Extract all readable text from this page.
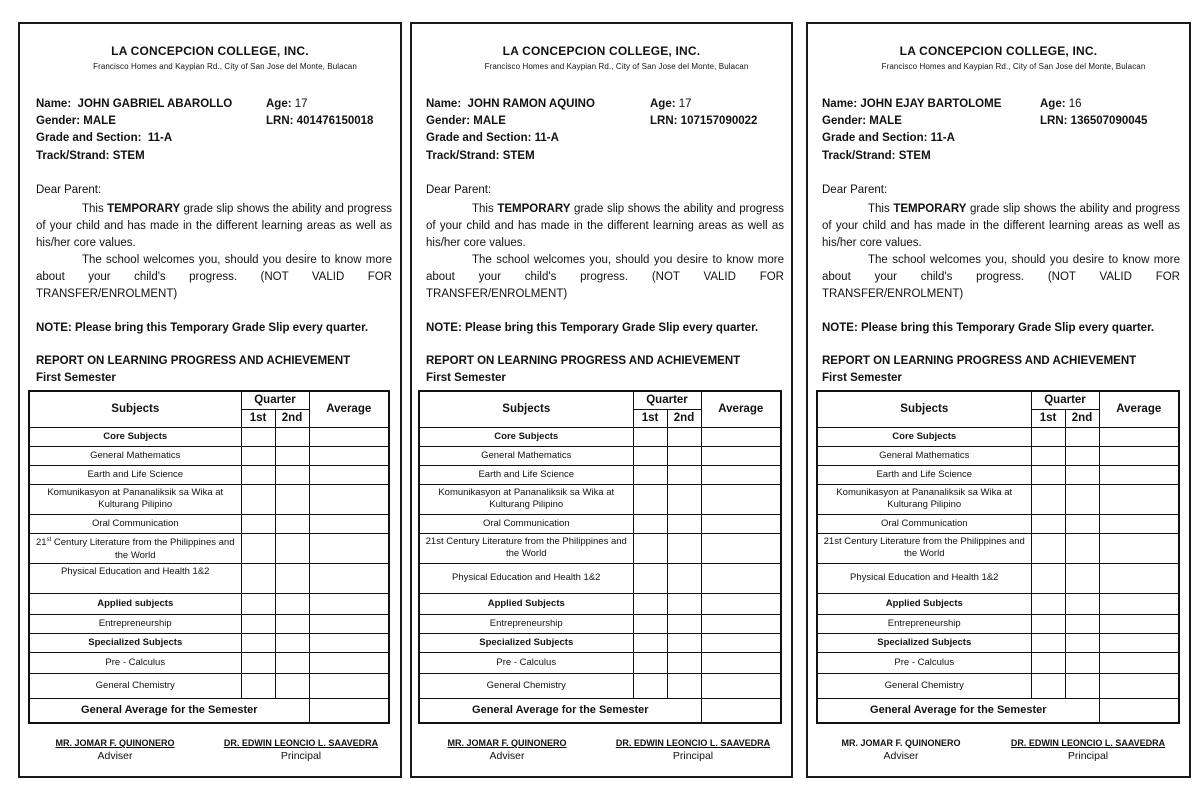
LA CONCEPCION COLLEGE, INC.
Francisco Homes and Kaypian Rd., City of San Jose del Monte, Bulacan
Name: JOHN GABRIEL ABAROLLO	Age: 17
Gender: MALE	LRN: 401476150018
Grade and Section: 11-A
Track/Strand: STEM
Dear Parent:
This TEMPORARY grade slip shows the ability and progress of your child and has made in the different learning areas as well as his/her core values.
The school welcomes you, should you desire to know more about your child's progress. (NOT VALID FOR TRANSFER/ENROLMENT)
NOTE: Please bring this Temporary Grade Slip every quarter.
REPORT ON LEARNING PROGRESS AND ACHIEVEMENT
First Semester
Subjects	Quarter		Average
	1st	2nd	
Core Subjects			
General Mathematics			
Earth and Life Science			
Komunikasyon at Pananaliksik sa Wika at Kulturang Pilipino			
Oral Communication			
21st Century Literature from the Philippines and the World			
Physical Education and Health 1&2			
Applied subjects			
Entrepreneurship			
Specialized Subjects			
Pre - Calculus			
General Chemistry			
General Average for the Semester			
MR. JOMAR F. QUINONERO
Adviser
DR. EDWIN LEONCIO L. SAAVEDRA
Principal
LA CONCEPCION COLLEGE, INC.
Francisco Homes and Kaypian Rd., City of San Jose del Monte, Bulacan
Name: JOHN RAMON AQUINO	Age: 17
Gender: MALE	LRN: 107157090022
Grade and Section: 11-A
Track/Strand: STEM
Dear Parent:
This TEMPORARY grade slip shows the ability and progress of your child and has made in the different learning areas as well as his/her core values.
The school welcomes you, should you desire to know more about your child's progress. (NOT VALID FOR TRANSFER/ENROLMENT)
NOTE: Please bring this Temporary Grade Slip every quarter.
REPORT ON LEARNING PROGRESS AND ACHIEVEMENT
First Semester
Subjects	Quarter		Average
	1st	2nd	
Core Subjects			
General Mathematics			
Earth and Life Science			
Komunikasyon at Pananaliksik sa Wika at Kulturang Pilipino			
Oral Communication			
21st Century Literature from the Philippines and the World			
Physical Education and Health 1&2			
Applied Subjects			
Entrepreneurship			
Specialized Subjects			
Pre - Calculus			
General Chemistry			
General Average for the Semester			
MR. JOMAR F. QUINONERO
Adviser
DR. EDWIN LEONCIO L. SAAVEDRA
Principal
LA CONCEPCION COLLEGE, INC.
Francisco Homes and Kaypian Rd., City of San Jose del Monte, Bulacan
Name: JOHN EJAY BARTOLOME	Age: 16
Gender: MALE	LRN: 136507090045
Grade and Section: 11-A
Track/Strand: STEM
Dear Parent:
This TEMPORARY grade slip shows the ability and progress of your child and has made in the different learning areas as well as his/her core values.
The school welcomes you, should you desire to know more about your child's progress. (NOT VALID FOR TRANSFER/ENROLMENT)
NOTE: Please bring this Temporary Grade Slip every quarter.
REPORT ON LEARNING PROGRESS AND ACHIEVEMENT
First Semester
Subjects	Quarter		Average
	1st	2nd	
Core Subjects			
General Mathematics			
Earth and Life Science			
Komunikasyon at Pananaliksik sa Wika at Kulturang Pilipino			
Oral Communication			
21st Century Literature from the Philippines and the World			
Physical Education and Health 1&2			
Applied Subjects			
Entrepreneurship			
Specialized Subjects			
Pre - Calculus			
General Chemistry			
General Average for the Semester			
MR. JOMAR F. QUINONERO
Adviser
DR. EDWIN LEONCIO L. SAAVEDRA
Principal
